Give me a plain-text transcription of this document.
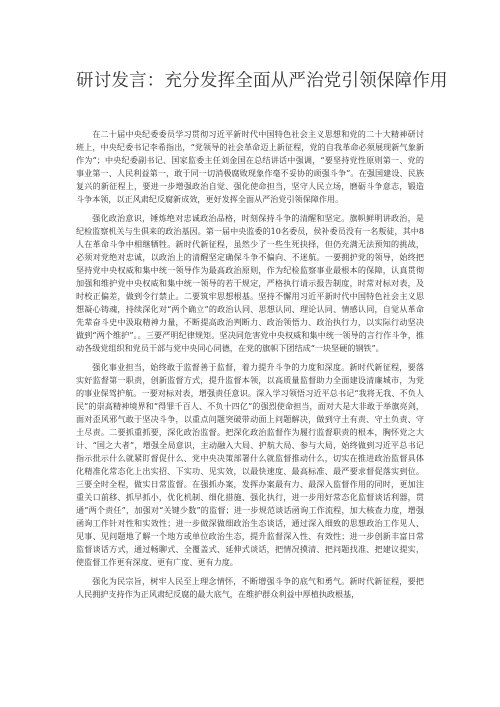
研讨发言：充分发挥全面从严治党引领保障作用

在二十届中央纪委委员学习贯彻习近平新时代中国特色社会主义思想和党的二十大精神研讨班上，中央纪委书记李希指出，“党领导的社会革命迈上新征程，党的自我革命必须展现新气象新作为”；中央纪委副书记、国家监委主任刘金国在总结讲话中强调，“要坚持党性原则第一、党的事业第一、人民利益第一，敢于同一切消极腐败现象作毫不妥协的顽强斗争”。在强国建设、民族复兴的新征程上，要进一步增强政治自觉、强化使命担当，坚守人民立场，磨砺斗争意志，锻造斗争本领，以正风肃纪反腐新成效，更好发挥全面从严治党引领保障作用。

强化政治意识，锤炼绝对忠诚政治品格，时刻保持斗争的清醒和坚定。旗帜鲜明讲政治，是纪检监察机关与生俱来的政治基因。第一届中央监委的10名委员，侯补委员没有一名叛徒，其中8人在革命斗争中相继牺牲。新时代新征程，虽然少了一些生死抉择，但仍充满无法预知的挑战，必须对党绝对忠诚，以政治上的清醒坚定确保斗争不偏向、不迷航。一要拥护党的领导，始终把坚持党中央权威和集中统一领导作为最高政治原则，作为纪检监察事业最根本的保障，认真贯彻加强和维护党中央权威和集中统一领导的若干规定，严格执行请示报告制度，时常对标对表，及时校正偏差，做到令行禁止。二要筑牢思想根基。坚持不懈用习近平新时代中国特色社会主义思想凝心铸魂，持续深化对“两个确立”的政治认同、思想认同、理论认同、情感认同，自觉从革命先辈奋斗史中汲取精神力量，不断提高政治判断力、政治领悟力、政治执行力，以实际行动坚决做到“两个维护”。。三要严明纪律规矩。坚决同危害党中央权威和集中统一领导的言行作斗争，推动各级党组织和党员干部与党中央同心同德，在党的旗帜下团结成“一块坚硬的钢铁”。

强化事业担当，始终敢于监督善于监督，着力提升斗争的力度和深度。新时代新征程，要落实好监督第一职责，创新监督方式，提升监督本领，以高质量监督助力全面建设清廉城市，为党的事业保驾护航。一要对标对表，增强责任意识。深入学习领悟习近平总书记“我将无我、不负人民”的崇高精神境界和“得罪千百人、不负十四亿”的强烈使命担当，面对大是大非敢于举旗亮剑，面对歪风邪气敢于坚决斗争，以重点问题突破带动面上问题解决，做到守土有责、守土负责、守土尽责。二要抓重抓要，深化政治监督。把深化政治监督作为履行监督职责的根本，胸怀党之大计、“国之大者”，增强全局意识，主动融入大局、护航大局、参与大局，始终做到习近平总书记指示批示什么就紧盯督促什么、党中央决策部署什么就监督推动什么，切实在推进政治监督具体化精准化常态化上出实招、下实功、见实效，以最快速度、最高标准、最严要求督促落实到位。三要全时全程，做实日常监督。在强抓办案，发挥办案最有力、最深入监督作用的同时，更加注重关口前移、抓早抓小，优化机制、细化措施、强化执行，进一步用好常态化监督谈话利器，贯通“两个责任”，加强对“关键少数”的监督；进一步规范谈话函询工作流程，加大核查力度，增强函询工作针对性和实效性；进一步做深做细政治生态谈话，通过深入细致的思想政治工作见人、见事、见问题地了解一个地方或单位政治生态，提升监督深入性、有效性；进一步创新丰富日常监督谈话方式，通过畅聊式、全覆盖式、延伸式谈话，把情况摸清、把问题找准、把建议提实，使监督工作更有深度、更有广度、更有力度。

强化为民宗旨，树牢人民至上理念情怀，不断增强斗争的底气和勇气。新时代新征程，要把人民拥护支持作为正风肃纪反腐的最大底气，在维护群众利益中厚植执政根基，
